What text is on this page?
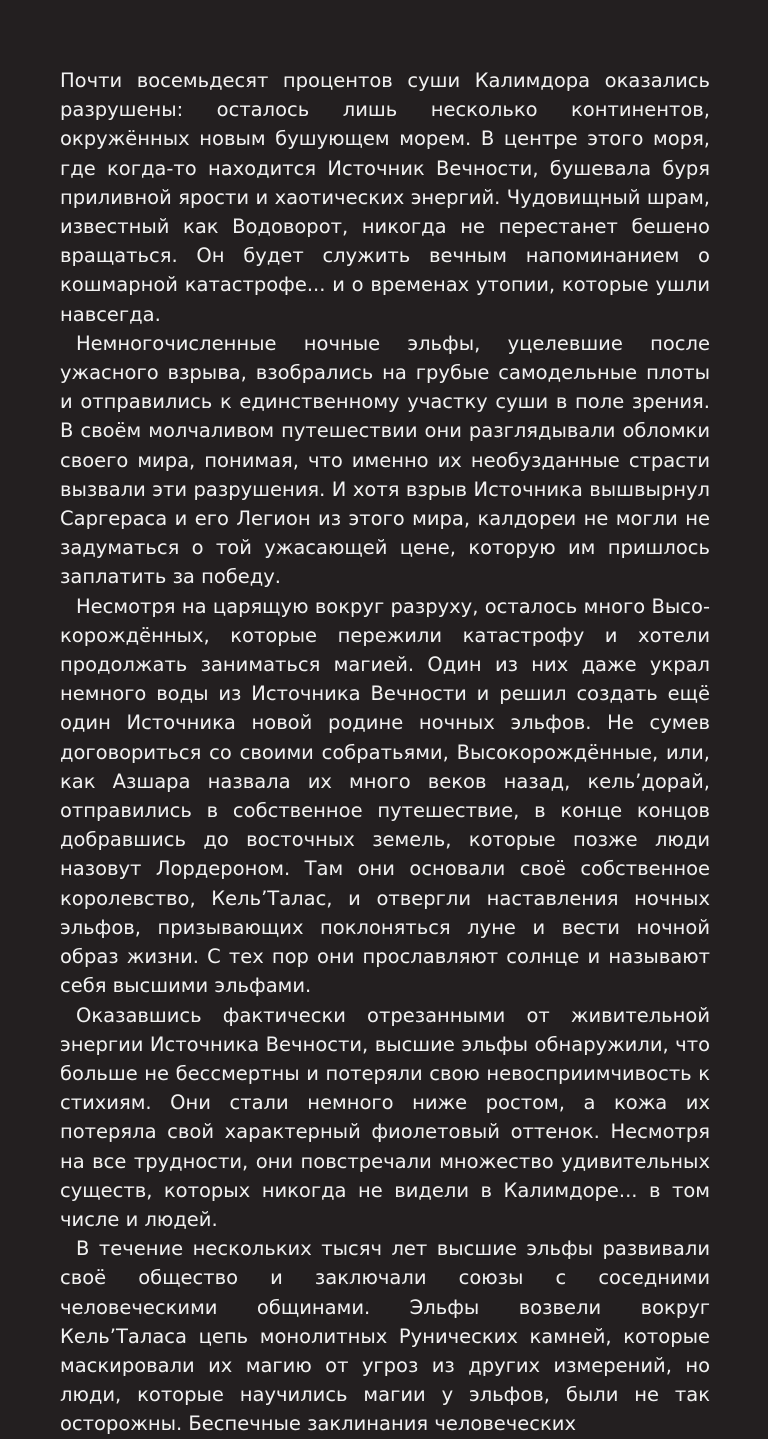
Почти восемьдесят процентов суши Калимдора оказались разрушены: осталось лишь несколько континентов, окружённых новым бушующем морем. В центре этого моря, где когда-то находится Источник Вечности, бушевала буря приливной ярости и хаотических энергий. Чудовищный шрам, известный как Водоворот, никогда не перестанет бешено вращаться. Он будет служить вечным напоминанием о кошмарной катастрофе... и о временах утопии, которые ушли навсегда.

Немногочисленные ночные эльфы, уцелевшие после ужасного взрыва, взобрались на грубые самодельные плоты и отправились к единственному участку суши в поле зрения. В своём молчаливом путешествии они разглядывали обломки своего мира, понимая, что именно их необузданные страсти вызвали эти разрушения. И хотя взрыв Источника вышвырнул Саргераса и его Легион из этого мира, калдореи не могли не задуматься о той ужасающей цене, которую им пришлось заплатить за победу.

Несмотря на царящую вокруг разруху, осталось много Высокорождённых, которые пережили катастрофу и хотели продолжать заниматься магией. Один из них даже украл немного воды из Источника Вечности и решил создать ещё один Источника новой родине ночных эльфов. Не сумев договориться со своими собратьями, Высокорождённые, или, как Азшара назвала их много веков назад, кель’дорай, отправились в собственное путешествие, в конце концов добравшись до восточных земель, которые позже люди назовут Лордероном. Там они основали своё собственное королевство, Кель’Талас, и отвергли наставления ночных эльфов, призывающих поклоняться луне и вести ночной образ жизни. С тех пор они прославляют солнце и называют себя высшими эльфами.

Оказавшись фактически отрезанными от живительной энергии Источника Вечности, высшие эльфы обнаружили, что больше не бессмертны и потеряли свою невосприимчивость к стихиям. Они стали немного ниже ростом, а кожа их потеряла свой характерный фиолетовый оттенок. Несмотря на все трудности, они повстречали множество удивительных существ, которых никогда не видели в Калимдоре... в том числе и людей.

В течение нескольких тысяч лет высшие эльфы развивали своё общество и заключали союзы с соседними человеческими общинами. Эльфы возвели вокруг Кель’Таласа цепь монолитных Рунических камней, которые маскировали их магию от угроз из других измерений, но люди, которые научились магии у эльфов, были не так осторожны. Беспечные заклинания человеческих
